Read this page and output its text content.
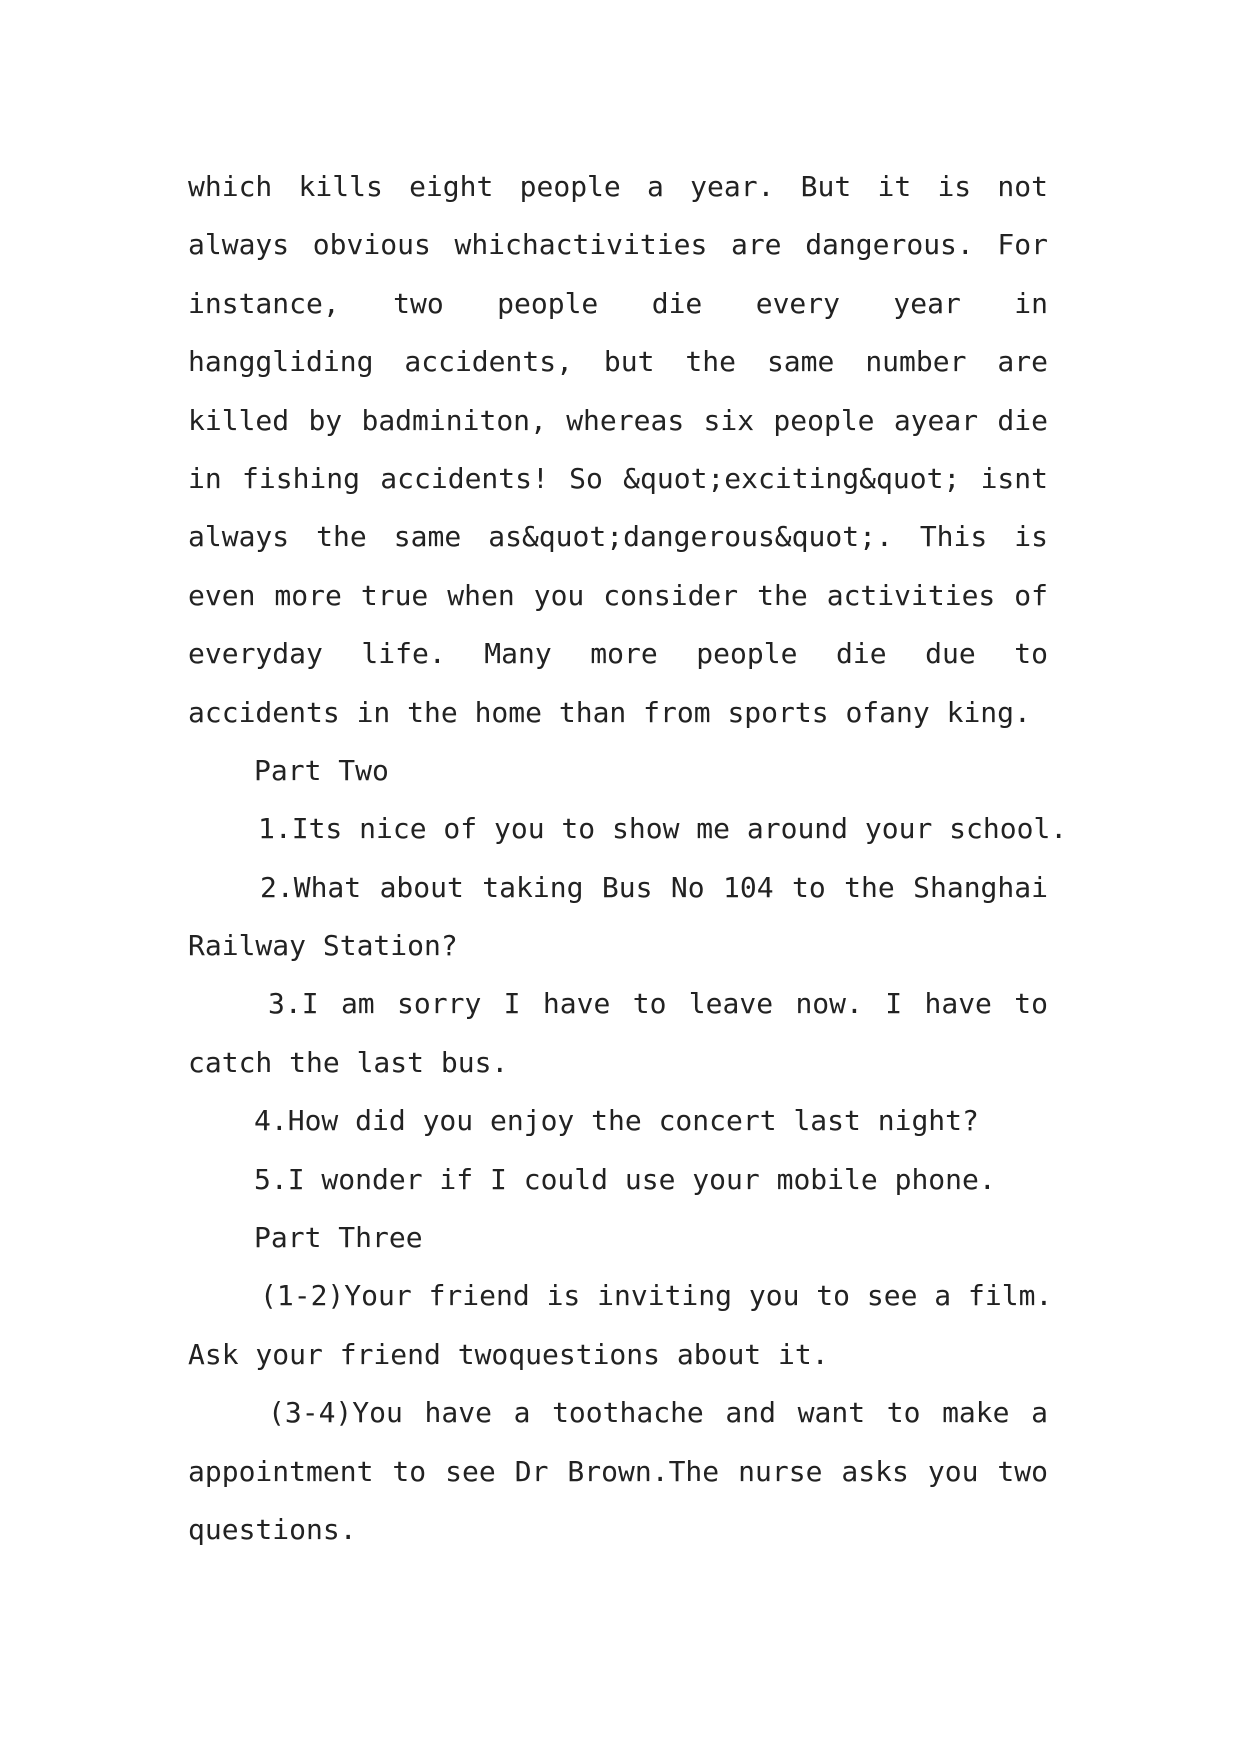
which kills eight people a year. But it is not
always obvious whichactivities are dangerous. For
instance, two people die every year in
hanggliding accidents, but the same number are
killed by badminiton, whereas six people ayear die
in fishing accidents! So &quot;exciting&quot; isnt
always the same as&quot;dangerous&quot;. This is
even more true when you consider the activities of
everyday life. Many more people die due to
accidents in the home than from sports ofany king.
Part Two
1.Its nice of you to show me around your school.
2.What about taking Bus No 104 to the Shanghai
Railway Station?
3.I am sorry I have to leave now. I have to
catch the last bus.
4.How did you enjoy the concert last night?
5.I wonder if I could use your mobile phone.
Part Three
(1-2)Your friend is inviting you to see a film.
Ask your friend twoquestions about it.
(3-4)You have a toothache and want to make a
appointment to see Dr Brown.The nurse asks you two
questions.
